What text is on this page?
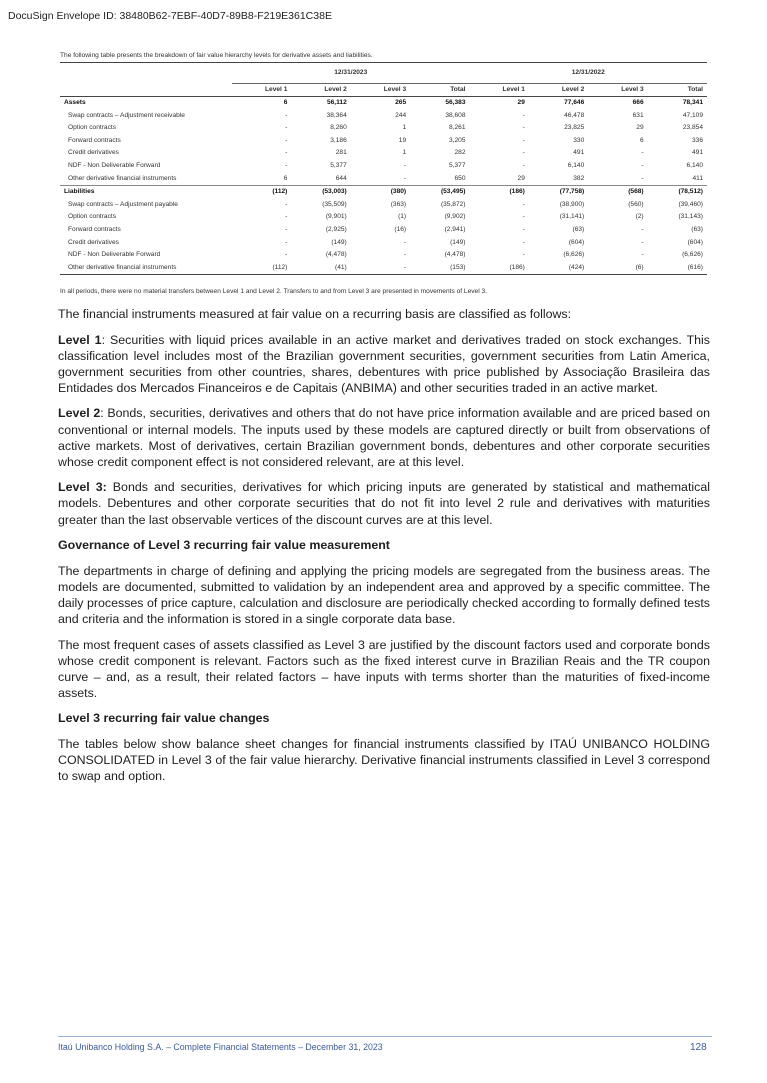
DocuSign Envelope ID: 38480B62-7EBF-40D7-89B8-F219E361C38E
The following table presents the breakdown of fair value hierarchy levels for derivative assets and liabilities.
	12/31/2023				12/31/2022			
	Level 1	Level 2	Level 3	Total	Level 1	Level 2	Level 3	Total
Assets	6	56,112	265	56,383	29	77,646	666	78,341
Swap contracts – Adjustment receivable	-	38,364	244	38,608	-	46,478	631	47,109
Option contracts	-	8,260	1	8,261	-	23,825	29	23,854
Forward contracts	-	3,186	19	3,205	-	330	6	336
Credit derivatives	-	281	1	282	-	491	-	491
NDF - Non Deliverable Forward	-	5,377	-	5,377	-	6,140	-	6,140
Other derivative financial instruments	6	644	-	650	29	382	-	411
Liabilities	(112)	(53,003)	(380)	(53,495)	(186)	(77,758)	(568)	(78,512)
Swap contracts – Adjustment payable	-	(35,509)	(363)	(35,872)	-	(38,900)	(560)	(39,460)
Option contracts	-	(9,901)	(1)	(9,902)	-	(31,141)	(2)	(31,143)
Forward contracts	-	(2,925)	(16)	(2,941)	-	(63)	-	(63)
Credit derivatives	-	(149)	-	(149)	-	(604)	-	(604)
NDF - Non Deliverable Forward	-	(4,478)	-	(4,478)	-	(6,626)	-	(6,626)
Other derivative financial instruments	(112)	(41)	-	(153)	(186)	(424)	(6)	(616)
In all periods, there were no material transfers between Level 1 and Level 2. Transfers to and from Level 3 are presented in movements of Level 3.

The financial instruments measured at fair value on a recurring basis are classified as follows:

Level 1: Securities with liquid prices available in an active market and derivatives traded on stock exchanges. This classification level includes most of the Brazilian government securities, government securities from Latin America, government securities from other countries, shares, debentures with price published by Associação Brasileira das Entidades dos Mercados Financeiros e de Capitais (ANBIMA) and other securities traded in an active market.

Level 2: Bonds, securities, derivatives and others that do not have price information available and are priced based on conventional or internal models. The inputs used by these models are captured directly or built from observations of active markets. Most of derivatives, certain Brazilian government bonds, debentures and other corporate securities whose credit component effect is not considered relevant, are at this level.

Level 3: Bonds and securities, derivatives for which pricing inputs are generated by statistical and mathematical models. Debentures and other corporate securities that do not fit into level 2 rule and derivatives with maturities greater than the last observable vertices of the discount curves are at this level.

Governance of Level 3 recurring fair value measurement

The departments in charge of defining and applying the pricing models are segregated from the business areas. The models are documented, submitted to validation by an independent area and approved by a specific committee. The daily processes of price capture, calculation and disclosure are periodically checked according to formally defined tests and criteria and the information is stored in a single corporate data base.

The most frequent cases of assets classified as Level 3 are justified by the discount factors used and corporate bonds whose credit component is relevant. Factors such as the fixed interest curve in Brazilian Reais and the TR coupon curve – and, as a result, their related factors – have inputs with terms shorter than the maturities of fixed-income assets.

Level 3 recurring fair value changes

The tables below show balance sheet changes for financial instruments classified by ITAÚ UNIBANCO HOLDING CONSOLIDATED in Level 3 of the fair value hierarchy. Derivative financial instruments classified in Level 3 correspond to swap and option.

Itaú Unibanco Holding S.A. – Complete Financial Statements – December 31, 2023	128
